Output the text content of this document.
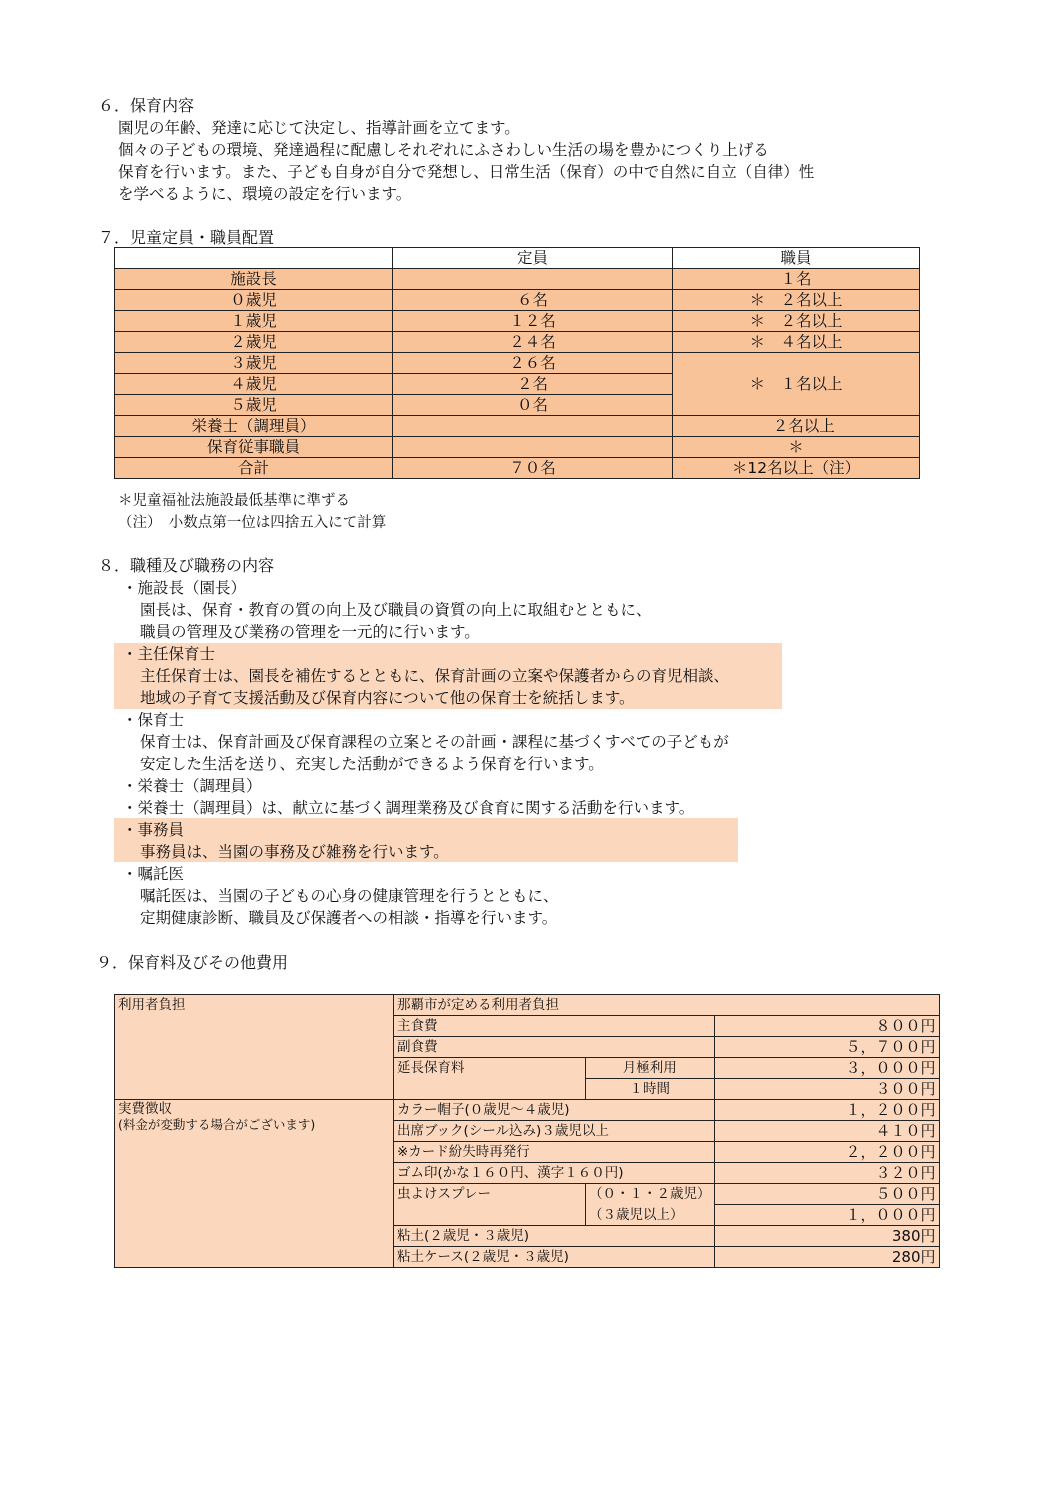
６．保育内容
園児の年齢、発達に応じて決定し、指導計画を立てます。
個々の子どもの環境、発達過程に配慮しそれぞれにふさわしい生活の場を豊かにつくり上げる
保育を行います。また、子ども自身が自分で発想し、日常生活（保育）の中で自然に自立（自律）性
を学べるように、環境の設定を行います。
７．児童定員・職員配置
	定員	職員
施設長		１名
０歳児	６名	＊　２名以上
１歳児	１２名	＊　２名以上
２歳児	２４名	＊　４名以上
３歳児	２６名	＊　１名以上
４歳児	２名	
５歳児	０名	
栄養士（調理員）		　２名以上
保育従事職員		＊
合計	７０名	＊12名以上（注）
＊児童福祉法施設最低基準に準ずる
（注）　小数点第一位は四捨五入にて計算
８．職種及び職務の内容
・施設長（園長）
園長は、保育・教育の質の向上及び職員の資質の向上に取組むとともに、
職員の管理及び業務の管理を一元的に行います。
・主任保育士
主任保育士は、園長を補佐するとともに、保育計画の立案や保護者からの育児相談、
地域の子育て支援活動及び保育内容について他の保育士を統括します。
・保育士
保育士は、保育計画及び保育課程の立案とその計画・課程に基づくすべての子どもが
安定した生活を送り、充実した活動ができるよう保育を行います。
・栄養士（調理員）
・栄養士（調理員）は、献立に基づく調理業務及び食育に関する活動を行います。
・事務員
事務員は、当園の事務及び雑務を行います。
・嘱託医
嘱託医は、当園の子どもの心身の健康管理を行うとともに、
定期健康診断、職員及び保護者への相談・指導を行います。
９．保育料及びその他費用
利用者負担	那覇市が定める利用者負担		
	主食費		８００円
	副食費		５，７００円
	延長保育料	月極利用	３，０００円
		１時間	３００円

実費徴収
(料金が変動する場合がございます)	カラー帽子(０歳児～４歳児)		１，２００円
	出席ブック(シール込み)３歳児以上		４１０円
	※カード紛失時再発行		２，２００円
	ゴム印(かな１６０円、漢字１６０円)		３２０円
	虫よけスプレー	（０・１・２歳児）	５００円
		（３歳児以上）	１，０００円
	粘土(２歳児・３歳児)		380円
	粘土ケース(２歳児・３歳児)		280円
